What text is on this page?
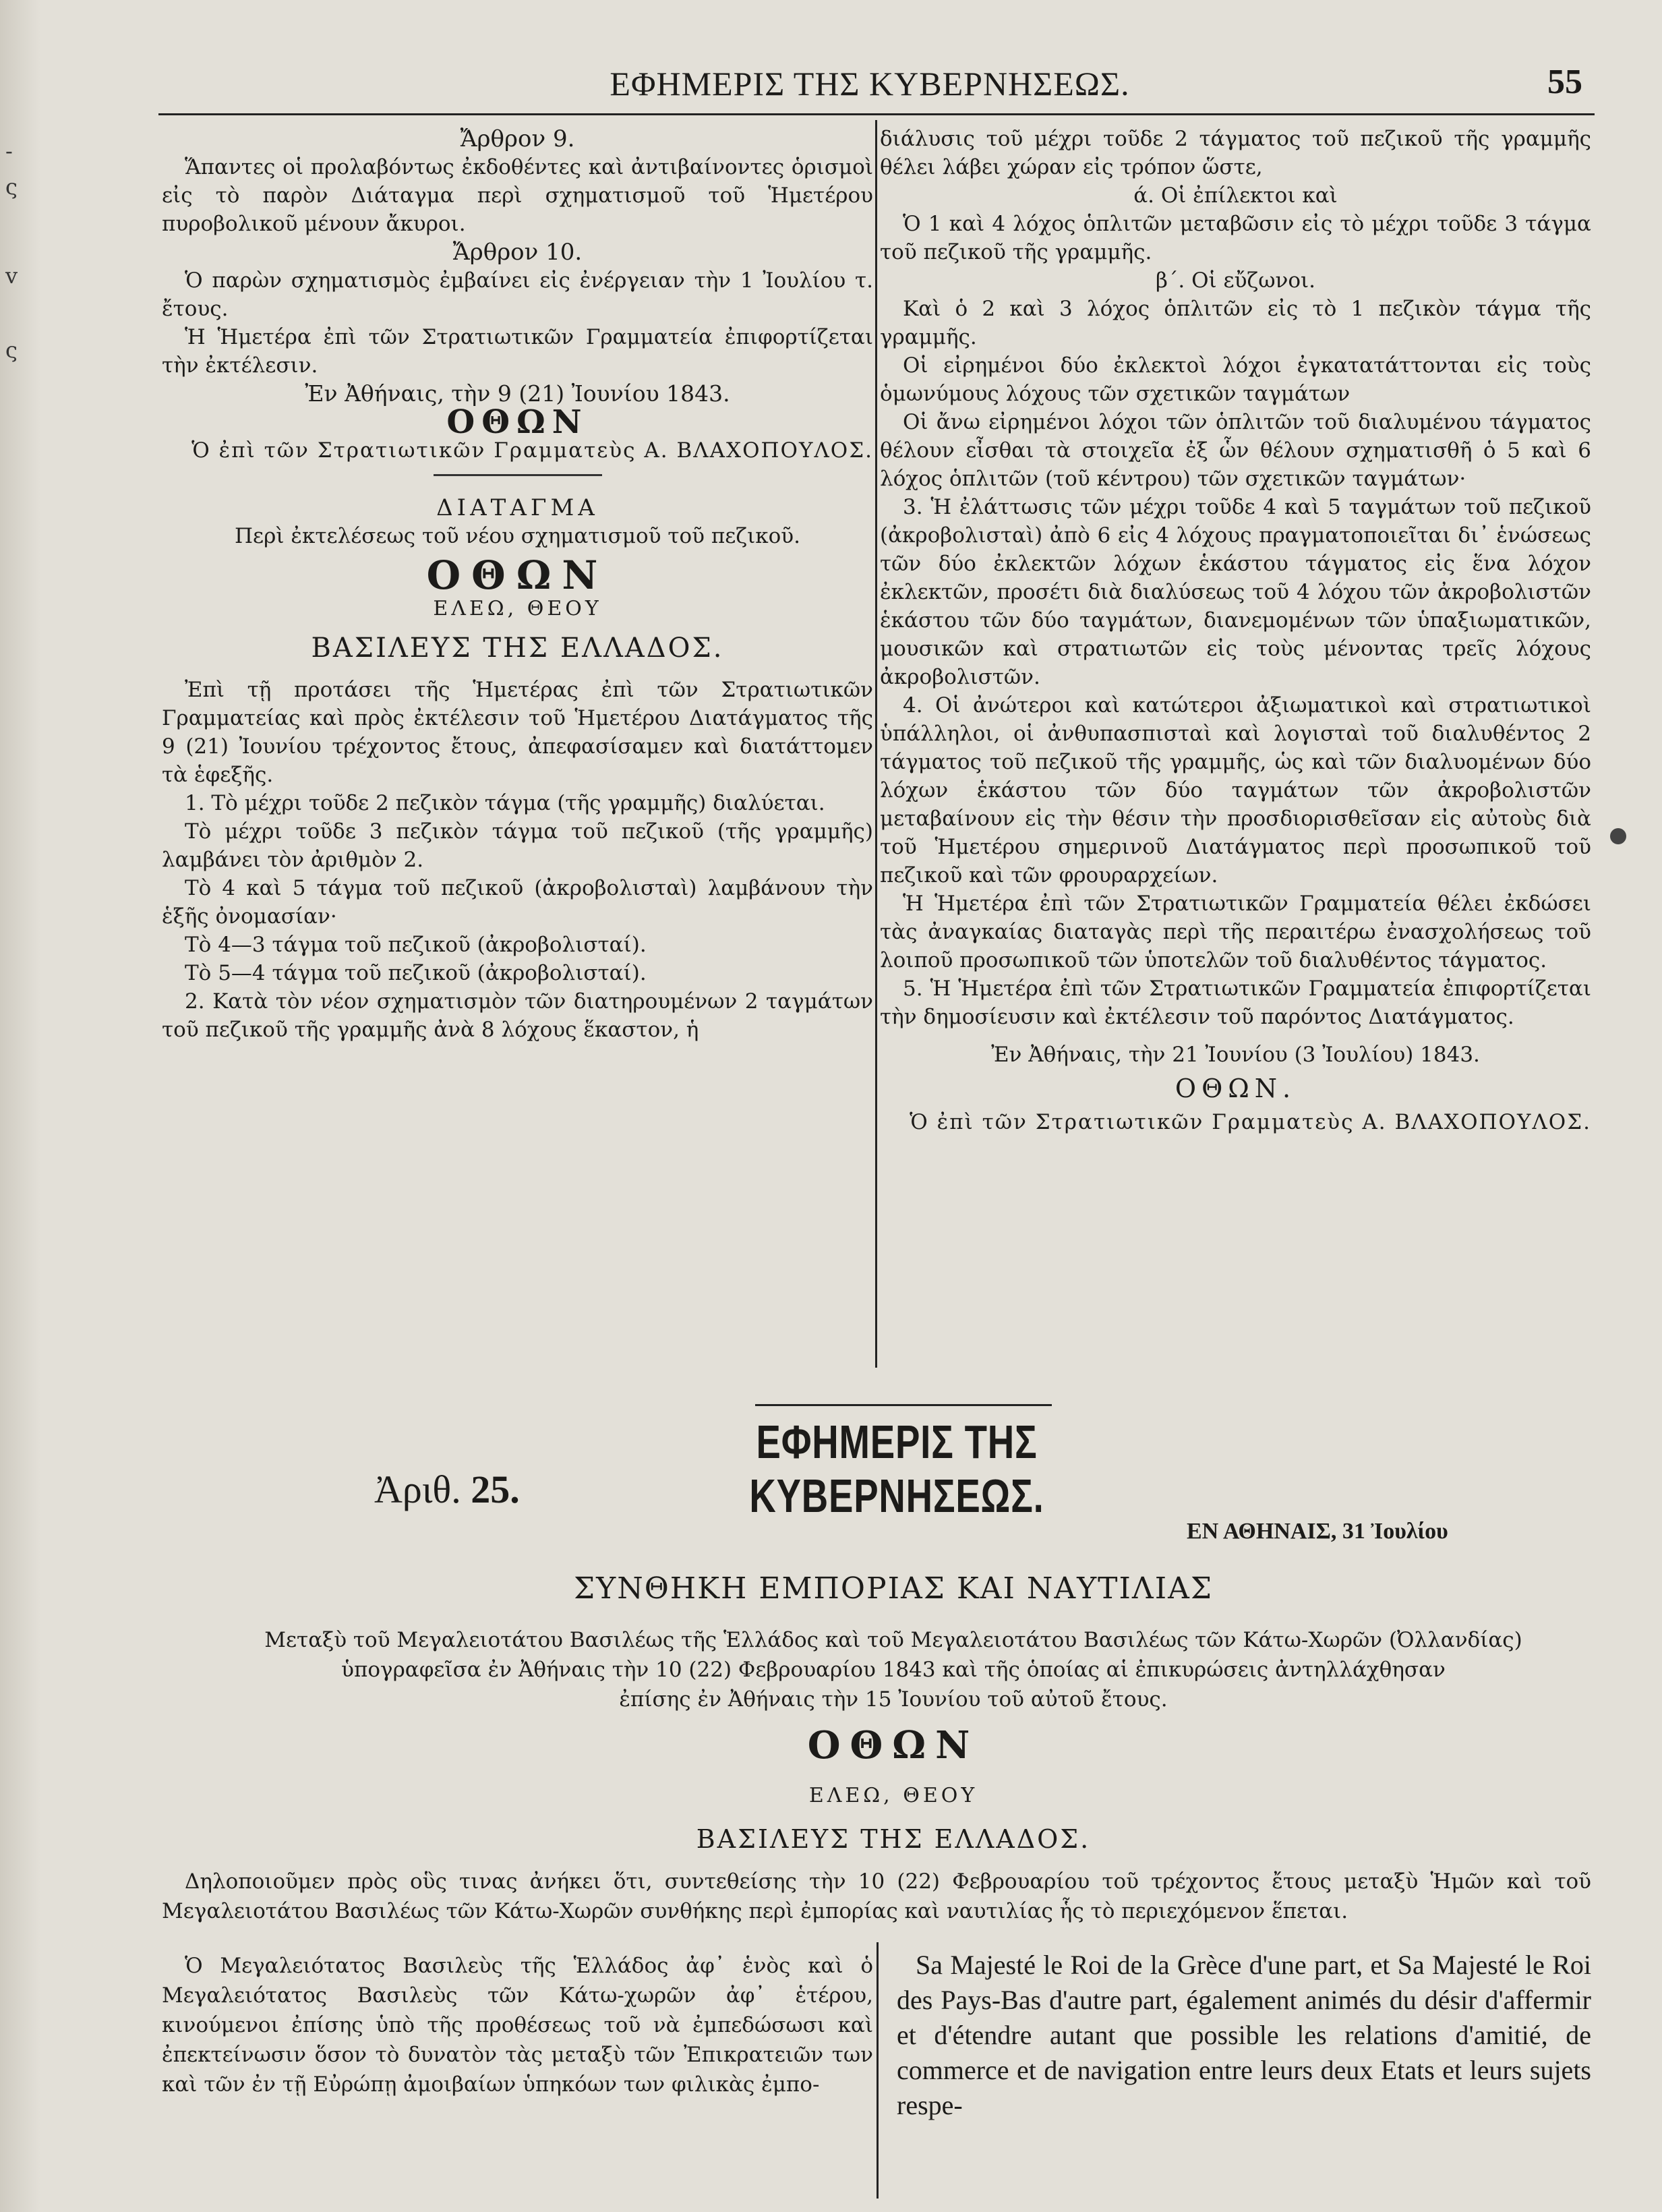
-
ς
v
ς
ΕΦΗΜΕΡΙΣ ΤΗΣ ΚΥΒΕΡΝΗΣΕΩΣ.	55

Ἄρθρον 9.

Ἅπαντες οἱ προλαβόντως ἐκδοθέντες καὶ ἀντιβαίνοντες ὁρισμοὶ εἰς τὸ παρὸν Διάταγμα περὶ σχηματισμοῦ τοῦ Ἡμετέρου πυροβολικοῦ μένουν ἄκυροι.

Ἄρθρον 10.

Ὁ παρὼν σχηματισμὸς ἐμβαίνει εἰς ἐνέργειαν τὴν 1 Ἰουλίου τ. ἔτους.

Ἡ Ἡμετέρα ἐπὶ τῶν Στρατιωτικῶν Γραμματεία ἐπιφορτίζεται τὴν ἐκτέλεσιν.

Ἐν Ἀθήναις, τὴν 9 (21) Ἰουνίου 1843.

ΟΘΩΝ

Ὁ ἐπὶ τῶν Στρατιωτικῶν Γραμματεὺς Α. ΒΛΑΧΟΠΟΥΛΟΣ.

ΔΙΑΤΑΓΜΑ

Περὶ ἐκτελέσεως τοῦ νέου σχηματισμοῦ τοῦ πεζικοῦ.

ΟΘΩΝ

ΕΛΕΩ, ΘΕΟΥ

ΒΑΣΙΛΕΥΣ ΤΗΣ ΕΛΛΑΔΟΣ.

Ἐπὶ τῇ προτάσει τῆς Ἡμετέρας ἐπὶ τῶν Στρατιωτικῶν Γραμματείας καὶ πρὸς ἐκτέλεσιν τοῦ Ἡμετέρου Διατάγματος τῆς 9 (21) Ἰουνίου τρέχοντος ἔτους, ἀπεφασίσαμεν καὶ διατάττομεν τὰ ἑφεξῆς.

1. Τὸ μέχρι τοῦδε 2 πεζικὸν τάγμα (τῆς γραμμῆς) διαλύεται.

Τὸ μέχρι τοῦδε 3 πεζικὸν τάγμα τοῦ πεζικοῦ (τῆς γραμμῆς) λαμβάνει τὸν ἀριθμὸν 2.

Τὸ 4 καὶ 5 τάγμα τοῦ πεζικοῦ (ἀκροβολισταὶ) λαμβάνουν τὴν ἑξῆς ὀνομασίαν·

Τὸ 4—3 τάγμα τοῦ πεζικοῦ (ἀκροβολισταί).

Τὸ 5—4 τάγμα τοῦ πεζικοῦ (ἀκροβολισταί).

2. Κατὰ τὸν νέον σχηματισμὸν τῶν διατηρουμένων 2 ταγμάτων τοῦ πεζικοῦ τῆς γραμμῆς ἀνὰ 8 λόχους ἕκαστον, ἡ

διάλυσις τοῦ μέχρι τοῦδε 2 τάγματος τοῦ πεζικοῦ τῆς γραμμῆς θέλει λάβει χώραν εἰς τρόπον ὥστε,

ά. Οἱ ἐπίλεκτοι καὶ

Ὁ 1 καὶ 4 λόχος ὁπλιτῶν μεταβῶσιν εἰς τὸ μέχρι τοῦδε 3 τάγμα τοῦ πεζικοῦ τῆς γραμμῆς.

β΄. Οἱ εὔζωνοι.

Καὶ ὁ 2 καὶ 3 λόχος ὁπλιτῶν εἰς τὸ 1 πεζικὸν τάγμα τῆς γραμμῆς.

Οἱ εἰρημένοι δύο ἐκλεκτοὶ λόχοι ἐγκατατάττονται εἰς τοὺς ὁμωνύμους λόχους τῶν σχετικῶν ταγμάτων

Οἱ ἄνω εἰρημένοι λόχοι τῶν ὁπλιτῶν τοῦ διαλυμένου τάγματος θέλουν εἶσθαι τὰ στοιχεῖα ἐξ ὧν θέλουν σχηματισθῆ ὁ 5 καὶ 6 λόχος ὁπλιτῶν (τοῦ κέντρου) τῶν σχετικῶν ταγμάτων·

3. Ἡ ἐλάττωσις τῶν μέχρι τοῦδε 4 καὶ 5 ταγμάτων τοῦ πεζικοῦ (ἀκροβολισταὶ) ἀπὸ 6 εἰς 4 λόχους πραγματοποιεῖται δι᾽ ἑνώσεως τῶν δύο ἐκλεκτῶν λόχων ἑκάστου τάγματος εἰς ἕνα λόχον ἐκλεκτῶν, προσέτι διὰ διαλύσεως τοῦ 4 λόχου τῶν ἀκροβολιστῶν ἑκάστου τῶν δύο ταγμάτων, διανεμομένων τῶν ὑπαξιωματικῶν, μουσικῶν καὶ στρατιωτῶν εἰς τοὺς μένοντας τρεῖς λόχους ἀκροβολιστῶν.

4. Οἱ ἀνώτεροι καὶ κατώτεροι ἀξιωματικοὶ καὶ στρατιωτικοὶ ὑπάλληλοι, οἱ ἀνθυπασπισταὶ καὶ λογισταὶ τοῦ διαλυθέντος 2 τάγματος τοῦ πεζικοῦ τῆς γραμμῆς, ὡς καὶ τῶν διαλυομένων δύο λόχων ἑκάστου τῶν δύο ταγμάτων τῶν ἀκροβολιστῶν μεταβαίνουν εἰς τὴν θέσιν τὴν προσδιορισθεῖσαν εἰς αὐτοὺς διὰ τοῦ Ἡμετέρου σημερινοῦ Διατάγματος περὶ προσωπικοῦ τοῦ πεζικοῦ καὶ τῶν φρουραρχείων.

Ἡ Ἡμετέρα ἐπὶ τῶν Στρατιωτικῶν Γραμματεία θέλει ἐκδώσει τὰς ἀναγκαίας διαταγὰς περὶ τῆς περαιτέρω ἐνασχολήσεως τοῦ λοιποῦ προσωπικοῦ τῶν ὑποτελῶν τοῦ διαλυθέντος τάγματος.

5. Ἡ Ἡμετέρα ἐπὶ τῶν Στρατιωτικῶν Γραμματεία ἐπιφορτίζεται τὴν δημοσίευσιν καὶ ἐκτέλεσιν τοῦ παρόντος Διατάγματος.

Ἐν Ἀθήναις, τὴν 21 Ἰουνίου (3 Ἰουλίου) 1843.

ΟΘΩΝ.

Ὁ ἐπὶ τῶν Στρατιωτικῶν Γραμματεὺς Α. ΒΛΑΧΟΠΟΥΛΟΣ.

ΕΦΗΜΕΡΙΣ ΤΗΣ ΚΥΒΕΡΝΗΣΕΩΣ.
Ἀριθ. 25.
ΕΝ ΑΘΗΝΑΙΣ, 31 Ἰουλίου
ΣΥΝΘΗΚΗ ΕΜΠΟΡΙΑΣ ΚΑΙ ΝΑΥΤΙΛΙΑΣ
Μεταξὺ τοῦ Μεγαλειοτάτου Βασιλέως τῆς Ἑλλάδος καὶ τοῦ Μεγαλειοτάτου Βασιλέως τῶν Κάτω-Χωρῶν (Ὀλλανδίας)
ὑπογραφεῖσα ἐν Ἀθήναις τὴν 10 (22) Φεβρουαρίου 1843 καὶ τῆς ὁποίας αἱ ἐπικυρώσεις ἀντηλλάχθησαν
ἐπίσης ἐν Ἀθήναις τὴν 15 Ἰουνίου τοῦ αὐτοῦ ἔτους.
ΟΘΩΝ
ΕΛΕΩ, ΘΕΟΥ
ΒΑΣΙΛΕΥΣ ΤΗΣ ΕΛΛΑΔΟΣ.
Δηλοποιοῦμεν πρὸς οὓς τινας ἀνήκει ὅτι, συντεθείσης τὴν 10 (22) Φεβρουαρίου τοῦ τρέχοντος ἔτους μεταξὺ Ἡμῶν καὶ τοῦ Μεγαλειοτάτου Βασιλέως τῶν Κάτω-Χωρῶν συνθήκης περὶ ἐμπορίας καὶ ναυτιλίας ἧς τὸ περιεχόμενον ἕπεται.
Ὁ Μεγαλειότατος Βασιλεὺς τῆς Ἑλλάδος ἀφ᾽ ἑνὸς καὶ ὁ Μεγαλειότατος Βασιλεὺς τῶν Κάτω-χωρῶν ἀφ᾽ ἑτέρου, κινούμενοι ἐπίσης ὑπὸ τῆς προθέσεως τοῦ νὰ ἐμπεδώσωσι καὶ ἐπεκτείνωσιν ὅσον τὸ δυνατὸν τὰς μεταξὺ τῶν Ἐπικρατειῶν των καὶ τῶν ἐν τῇ Εὐρώπῃ ἀμοιβαίων ὑπηκόων των φιλικὰς ἐμπο-
Sa Majesté le Roi de la Grèce d'une part, et Sa Majesté le Roi des Pays-Bas d'autre part, également animés du désir d'affermir et d'étendre autant que possible les relations d'amitié, de commerce et de navigation entre leurs deux Etats et leurs sujets respe-
